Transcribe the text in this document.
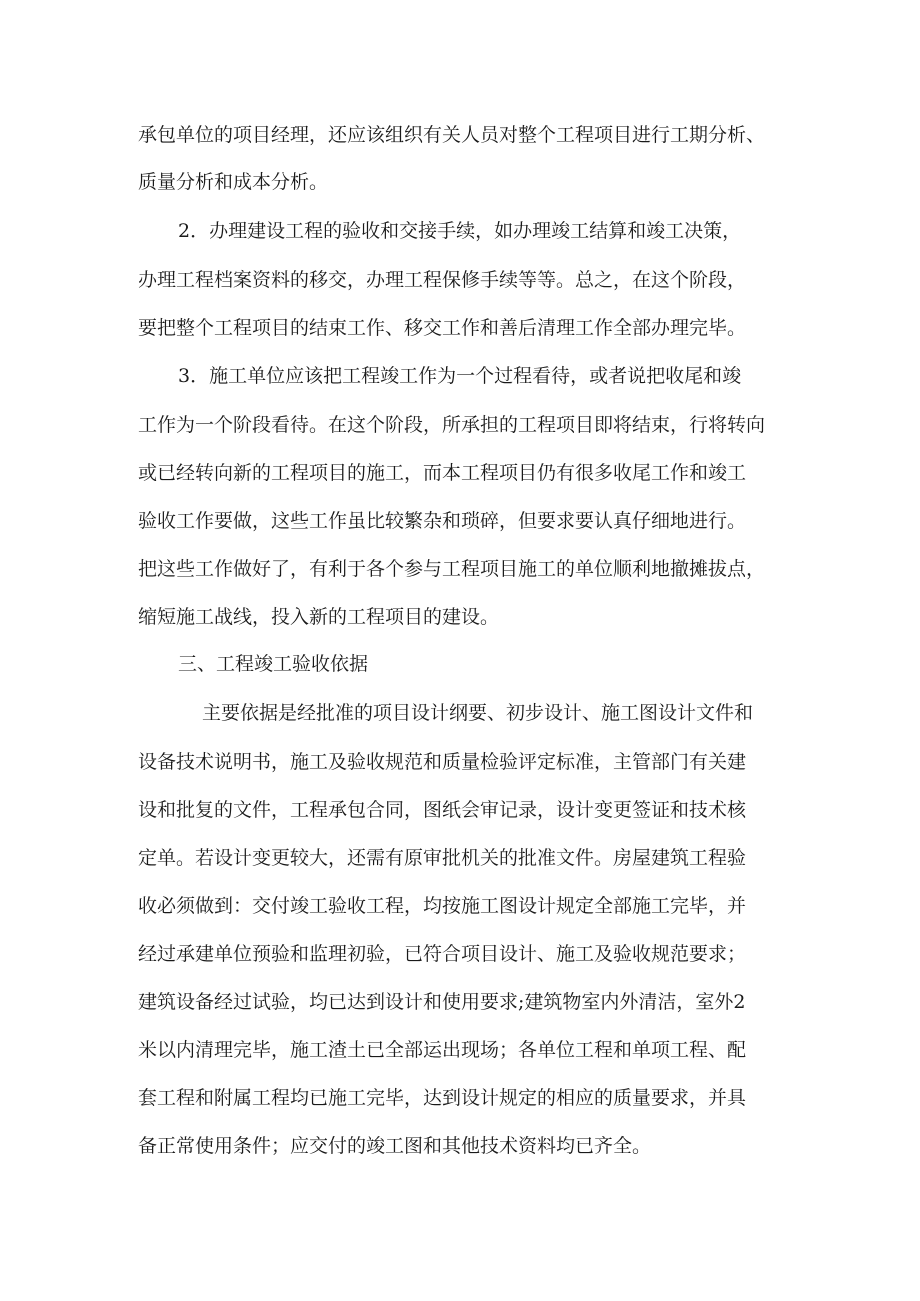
承包单位的项目经理，还应该组织有关人员对整个工程项目进行工期分析、
质量分析和成本分析。
2．办理建设工程的验收和交接手续，如办理竣工结算和竣工决策，
办理工程档案资料的移交，办理工程保修手续等等。总之，在这个阶段，
要把整个工程项目的结束工作、移交工作和善后清理工作全部办理完毕。
3．施工单位应该把工程竣工作为一个过程看待，或者说把收尾和竣
工作为一个阶段看待。在这个阶段，所承担的工程项目即将结束，行将转向
或已经转向新的工程项目的施工，而本工程项目仍有很多收尾工作和竣工
验收工作要做，这些工作虽比较繁杂和琐碎，但要求要认真仔细地进行。
把这些工作做好了，有利于各个参与工程项目施工的单位顺利地撤摊拔点，
缩短施工战线，投入新的工程项目的建设。
三、工程竣工验收依据
主要依据是经批准的项目设计纲要、初步设计、施工图设计文件和
设备技术说明书，施工及验收规范和质量检验评定标准，主管部门有关建
设和批复的文件，工程承包合同，图纸会审记录，设计变更签证和技术核
定单。若设计变更较大，还需有原审批机关的批准文件。房屋建筑工程验
收必须做到：交付竣工验收工程，均按施工图设计规定全部施工完毕，并
经过承建单位预验和监理初验，已符合项目设计、施工及验收规范要求；
建筑设备经过试验，均已达到设计和使用要求;建筑物室内外清洁，室外2
米以内清理完毕，施工渣土已全部运出现场；各单位工程和单项工程、配
套工程和附属工程均已施工完毕，达到设计规定的相应的质量要求，并具
备正常使用条件；应交付的竣工图和其他技术资料均已齐全。
